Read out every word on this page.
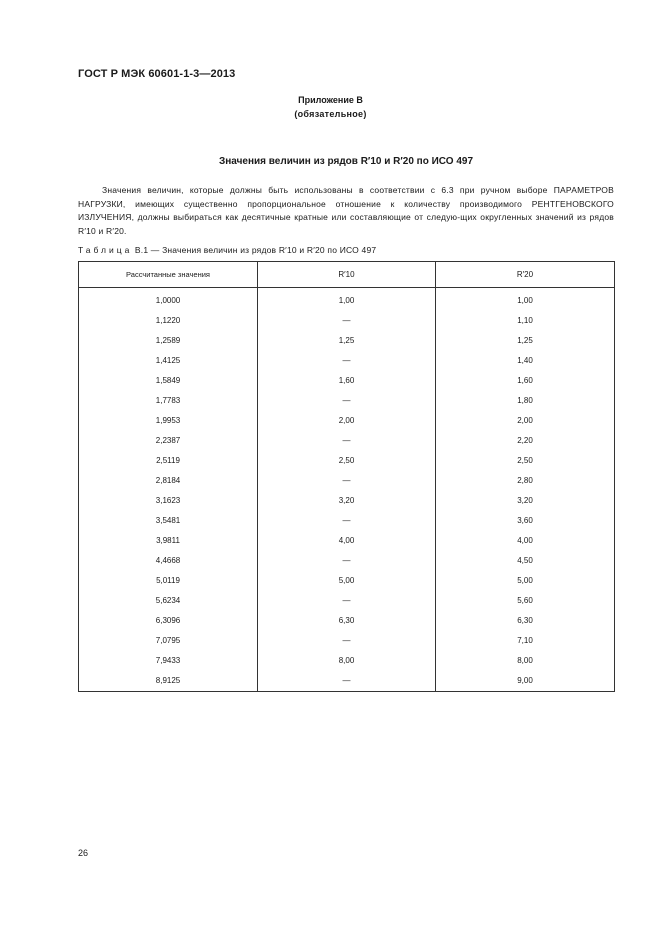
ГОСТ Р МЭК 60601-1-3—2013
Приложение В
(обязательное)
Значения величин из рядов R′10 и R′20 по ИСО 497

Значения величин, которые должны быть использованы в соответствии с 6.3 при ручном выборе ПАРАМЕТРОВ НАГРУЗКИ, имеющих существенно пропорциональное отношение к количеству производимого РЕНТГЕНОВСКОГО ИЗЛУЧЕНИЯ, должны выбираться как десятичные кратные или составляющие от следую-щих округленных значений из рядов R′10 и R′20.

Таблица В.1 — Значения величин из рядов R′10 и R′20 по ИСО 497
Рассчитанные значения	R′10	R′20
1,0000	1,00	1,00
1,1220	—	1,10
1,2589	1,25	1,25
1,4125	—	1,40
1,5849	1,60	1,60
1,7783	—	1,80
1,9953	2,00	2,00
2,2387	—	2,20
2,5119	2,50	2,50
2,8184	—	2,80
3,1623	3,20	3,20
3,5481	—	3,60
3,9811	4,00	4,00
4,4668	—	4,50
5,0119	5,00	5,00
5,6234	—	5,60
6,3096	6,30	6,30
7,0795	—	7,10
7,9433	8,00	8,00
8,9125	—	9,00
26
